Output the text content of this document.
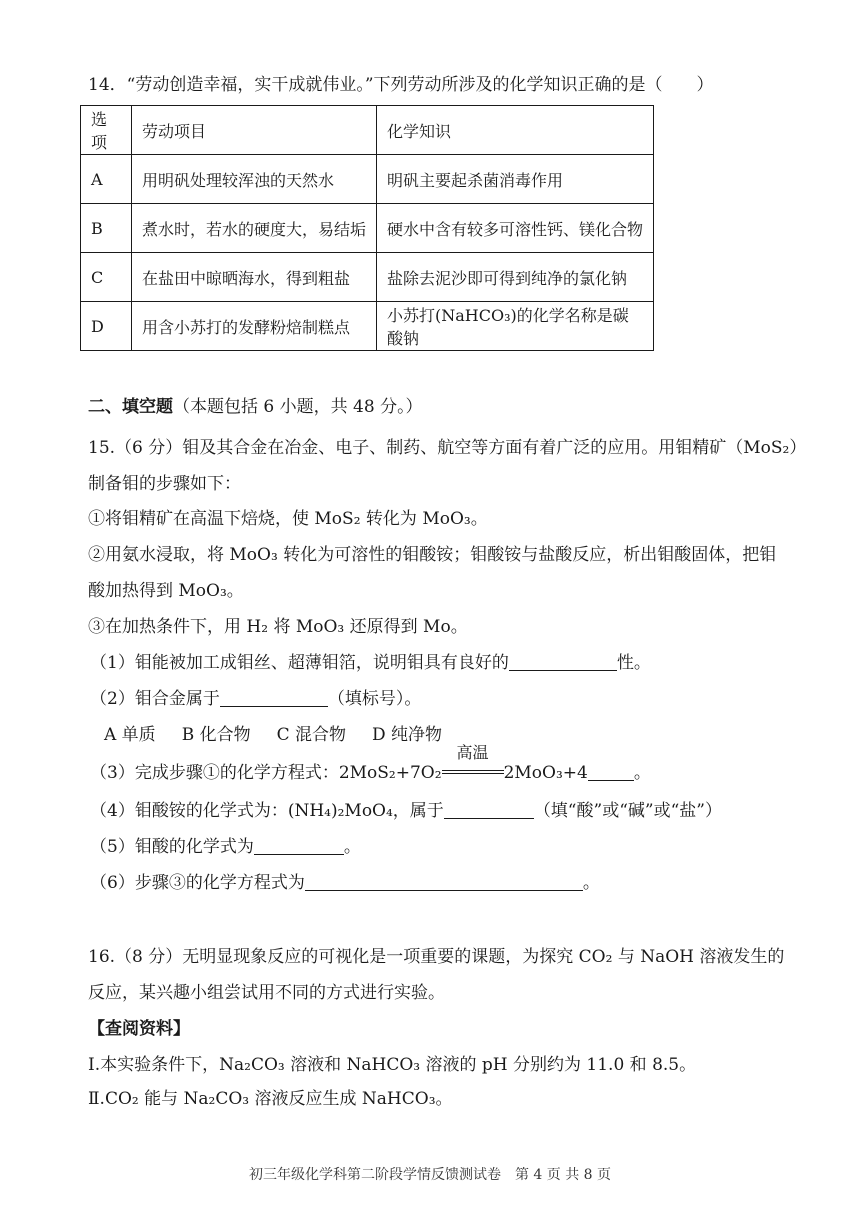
14．“劳动创造幸福，实干成就伟业。”下列劳动所涉及的化学知识正确的是（　　）
选项	劳动项目	化学知识
A	用明矾处理较浑浊的天然水	明矾主要起杀菌消毒作用
B	煮水时，若水的硬度大，易结垢	硬水中含有较多可溶性钙、镁化合物
C	在盐田中晾晒海水，得到粗盐	盐除去泥沙即可得到纯净的氯化钠
D	用含小苏打的发酵粉焙制糕点	小苏打(NaHCO₃)的化学名称是碳酸钠
二、填空题（本题包括 6 小题，共 48 分。）
15.（6 分）钼及其合金在冶金、电子、制药、航空等方面有着广泛的应用。用钼精矿（MoS₂）
制备钼的步骤如下：
①将钼精矿在高温下焙烧，使 MoS₂ 转化为 MoO₃。
②用氨水浸取，将 MoO₃ 转化为可溶性的钼酸铵；钼酸铵与盐酸反应，析出钼酸固体，把钼
酸加热得到 MoO₃。
③在加热条件下，用 H₂ 将 MoO₃ 还原得到 Mo。
（1）钼能被加工成钼丝、超薄钼箔，说明钼具有良好的	性。
（2）钼合金属于	（填标号）。
A 单质 B 化合物 C 混合物 D 纯净物
（3）完成步骤①的化学方程式：2MoS₂+7O₂
高温
2MoO₃+4	。
（4）钼酸铵的化学式为：(NH₄)₂MoO₄，属于	（填“酸”或“碱”或“盐”）
（5）钼酸的化学式为	。
（6）步骤③的化学方程式为	。
16.（8 分）无明显现象反应的可视化是一项重要的课题，为探究 CO₂ 与 NaOH 溶液发生的
反应，某兴趣小组尝试用不同的方式进行实验。
【查阅资料】
Ⅰ.本实验条件下，Na₂CO₃ 溶液和 NaHCO₃ 溶液的 pH 分别约为 11.0 和 8.5。
Ⅱ.CO₂ 能与 Na₂CO₃ 溶液反应生成 NaHCO₃。
初三年级化学科第二阶段学情反馈测试卷　第 4 页 共 8 页
